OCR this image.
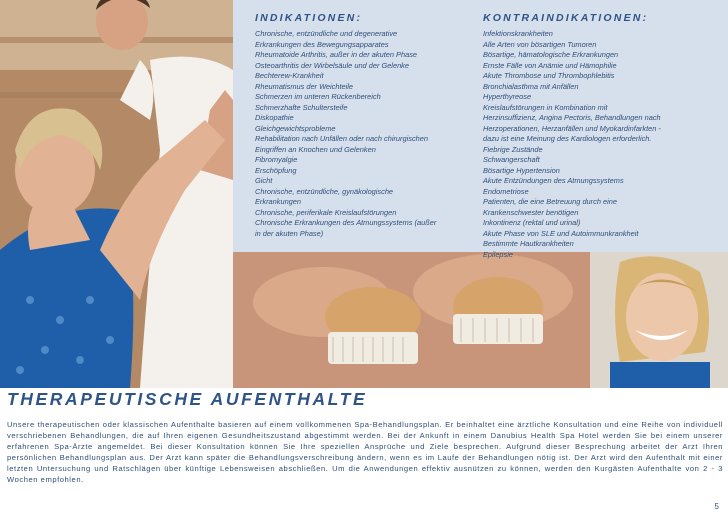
INDIKATIONEN:

Chronische, entzündliche und degenerative
Erkrankungen des Bewegungsapparates
Rheumatoide Arthritis, außer in der akuten Phase
Osteoarthritis der Wirbelsäule und der Gelenke
Bechterew-Krankheit
Rheumatismus der Weichteile
Schmerzen im unteren Rückenbereich
Schmerzhafte Schultersteife
Diskopathie
Gleichgewichtsprobleme
Rehabilitation nach Unfällen oder nach chirurgischen
Eingriffen an Knochen und Gelenken
Fibromyalgie
Erschöpfung
Gicht
Chronische, entzündliche, gynäkologische
Erkrankungen
Chronische, periferikale Kreislaufstörungen
Chronische Erkrankungen des Atmungssystems (außer
in der akuten Phase)

KONTRAINDIKATIONEN:

Infektionskrankheiten
Alle Arten von bösartigen Tumoren
Bösartige, hämatologische Erkrankungen
Ernste Fälle von Anämie und Hämophilie
Akute Thrombose und Thrombophlebitis
Bronchialasthma mit Anfällen
Hyperthyreose
Kreislaufstörungen in Kombination mit
Herzinsuffizienz, Angina Pectoris, Behandlungen nach
Herzoperationen, Herzanfällen und Myokardinfarkten -
dazu ist eine Meinung des Kardiologen erforderlich.
Fiebrige Zustände
Schwangerschaft
Bösartige Hypertension
Akute Entzündungen des Atmungssystems
Endometriose
Patienten, die eine Betreuung durch eine
Krankenschwester benötigen
Inkontinenz (rektal und urinal)
Akute Phase von SLE und Autoimmunkrankheit
Bestimmte Hautkrankheiten
Epilepsie
THERAPEUTISCHE AUFENTHALTE

Unsere therapeutischen oder klassischen Aufenthalte basieren auf einem vollkommenen Spa-Behandlungsplan. Er beinhaltet eine ärztliche Konsultation und eine Reihe von individuell verschriebenen Behandlungen, die auf Ihren eigenen Gesundheitszustand abgestimmt werden. Bei der Ankunft in einem Danubius Health Spa Hotel werden Sie bei einem unserer erfahrenen Spa-Ärzte angemeldet. Bei dieser Konsultation können Sie Ihre speziellen Ansprüche und Ziele besprechen. Aufgrund dieser Besprechung arbeitet der Arzt Ihren persönlichen Behandlungsplan aus. Der Arzt kann später die Behandlungsverschreibung ändern, wenn es im Laufe der Behandlungen nötig ist. Der Arzt wird den Aufenthalt mit einer letzten Untersuchung und Ratschlägen über künftige Lebensweisen abschließen. Um die Anwendungen effektiv ausnützen zu können, werden den Kurgästen Aufenthalte von 2 - 3 Wochen empfohlen.

5
